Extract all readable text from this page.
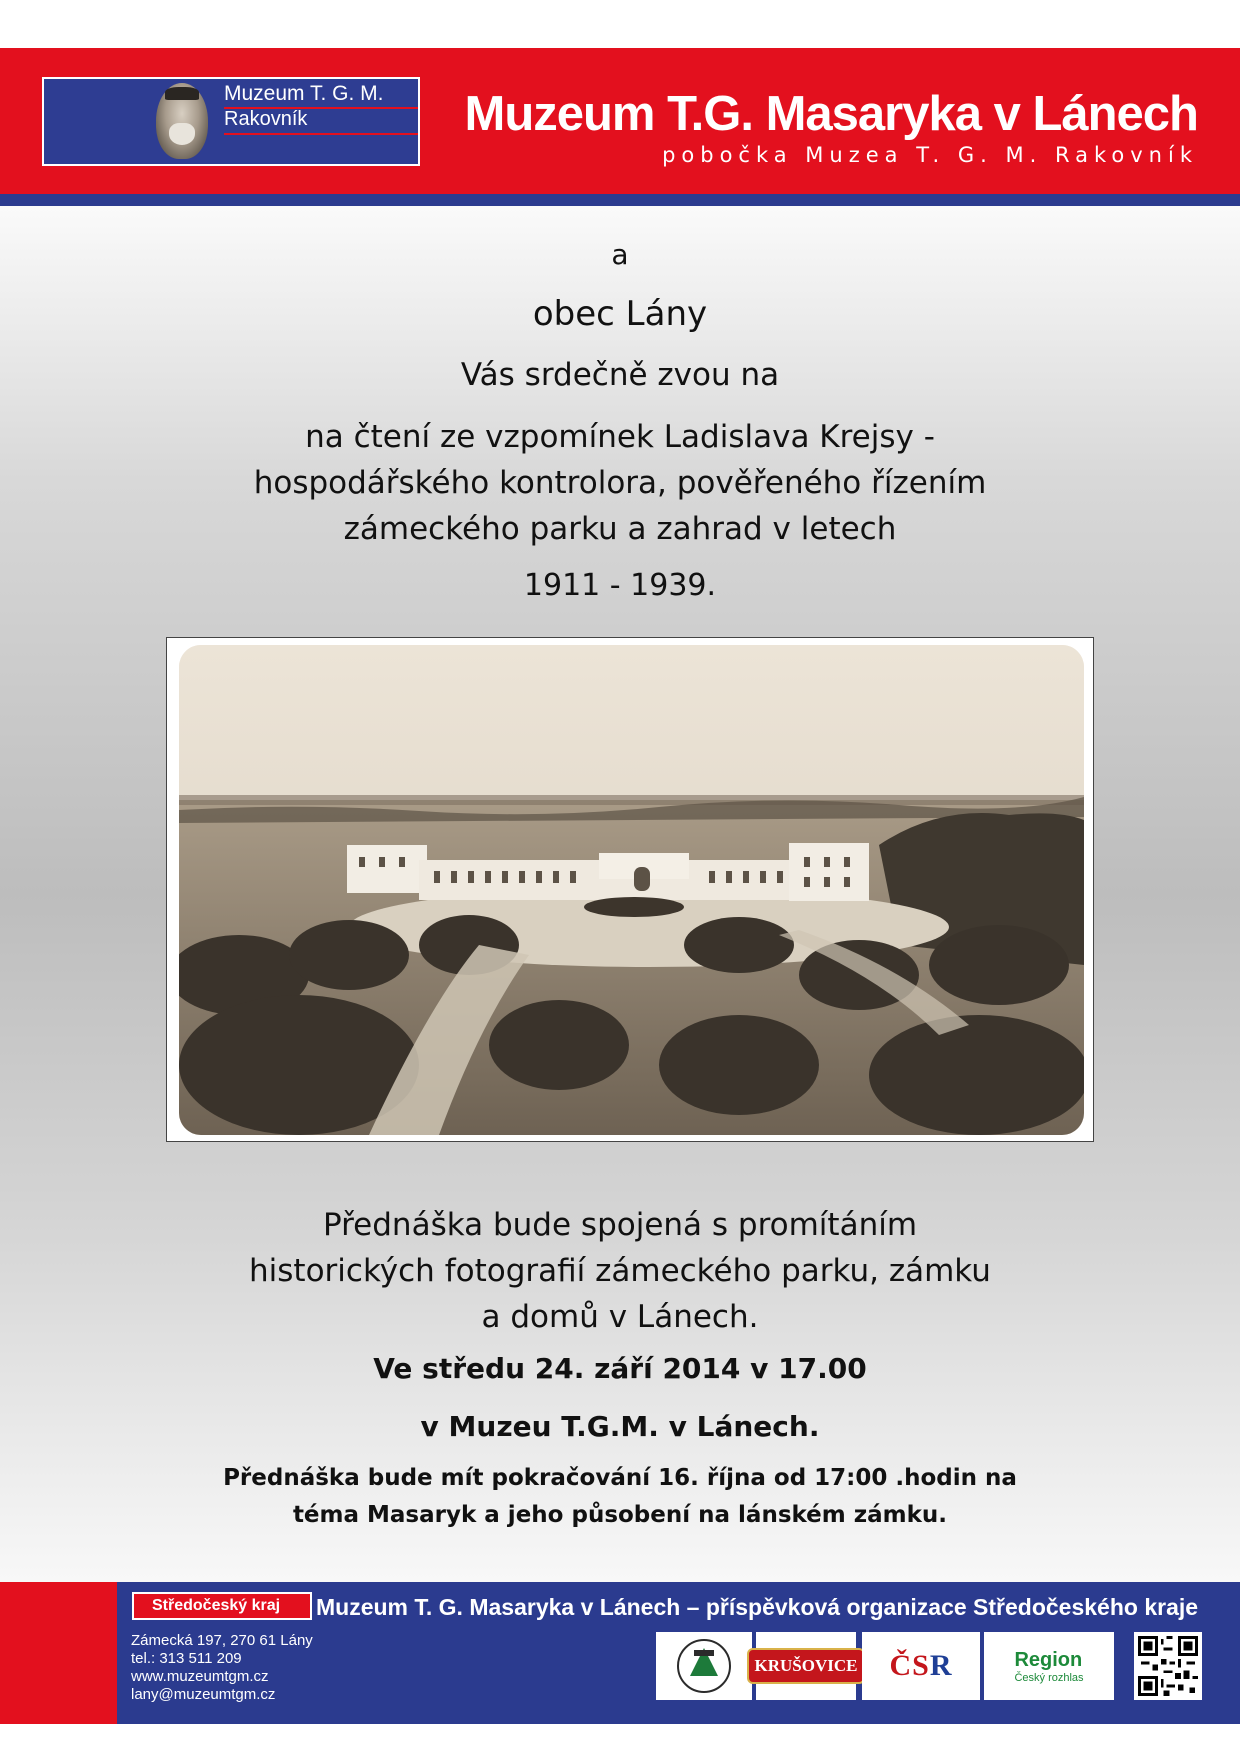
Muzeum T. G. M.
Rakovník	Muzeum T.G. Masaryka v Lánech
pobočka Muzea T. G. M. Rakovník
a
obec Lány
Vás srdečně zvou na
na čtení ze vzpomínek Ladislava Krejsy -
hospodářského kontrolora, pověřeného řízením
zámeckého parku a zahrad v letech
1911 - 1939.
Přednáška bude spojená s promítáním
historických fotografií zámeckého parku, zámku
a domů v Lánech.
Ve středu 24. září 2014 v 17.00
v Muzeu T.G.M. v Lánech.
Přednáška bude mít pokračování 16. října od 17:00 .hodin na
téma Masaryk a jeho působení na lánském zámku.
Středočeský kraj	Muzeum T. G. Masaryka v Lánech – příspěvková organizace Středočeského kraje
Zámecká 197, 270 61 Lány
tel.: 313 511 209
www.muzeumtgm.cz
lany@muzeumtgm.cz
KRUŠOVICE ČSR	Region
Český rozhlas
